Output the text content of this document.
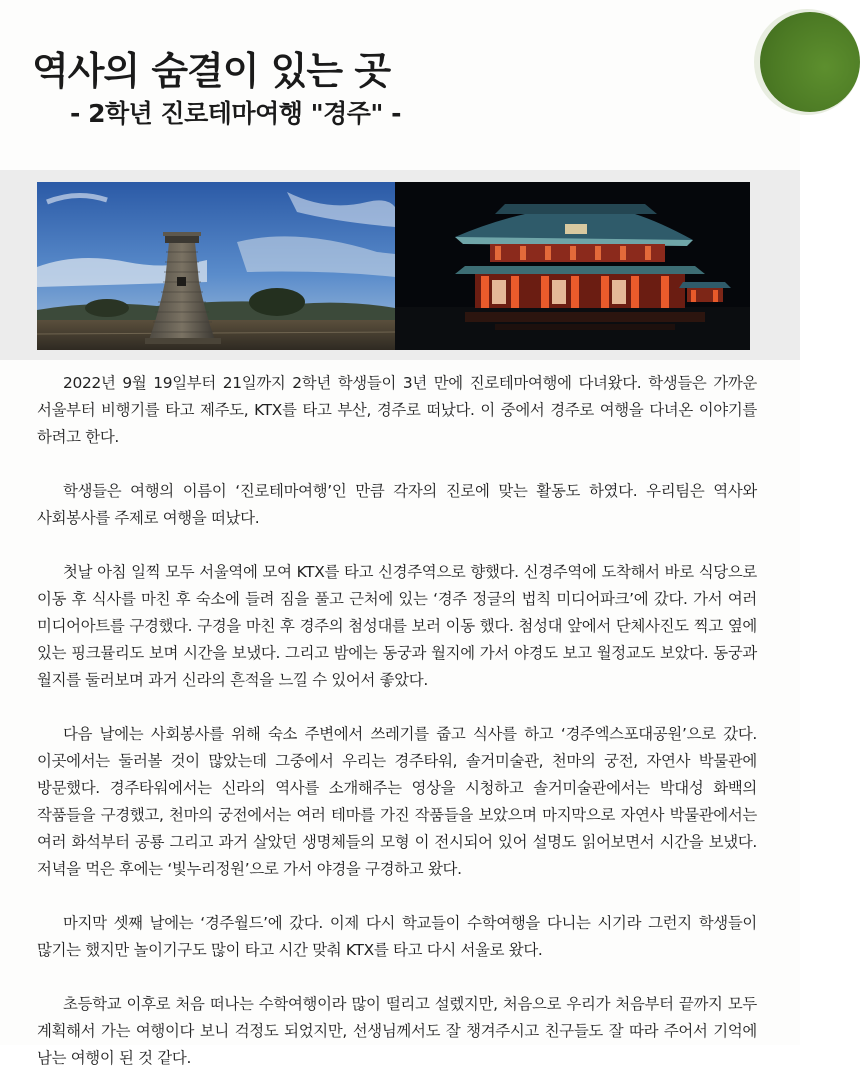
역사의 숨결이 있는 곳
- 2학년 진로테마여행 "경주" -

2022년 9월 19일부터 21일까지 2학년 학생들이 3년 만에 진로테마여행에 다녀왔다. 학생들은 가까운 서울부터 비행기를 타고 제주도, KTX를 타고 부산, 경주로 떠났다. 이 중에서 경주로 여행을 다녀온 이야기를 하려고 한다.

학생들은 여행의 이름이 ‘진로테마여행’인 만큼 각자의 진로에 맞는 활동도 하였다. 우리팀은 역사와 사회봉사를 주제로 여행을 떠났다.

첫날 아침 일찍 모두 서울역에 모여 KTX를 타고 신경주역으로 향했다. 신경주역에 도착해서 바로 식당으로 이동 후 식사를 마친 후 숙소에 들려 짐을 풀고 근처에 있는 ‘경주 정글의 법칙 미디어파크’에 갔다. 가서 여러 미디어아트를 구경했다. 구경을 마친 후 경주의 첨성대를 보러 이동 했다. 첨성대 앞에서 단체사진도 찍고 옆에 있는 핑크뮬리도 보며 시간을 보냈다. 그리고 밤에는 동궁과 월지에 가서 야경도 보고 월정교도 보았다. 동궁과 월지를 둘러보며 과거 신라의 흔적을 느낄 수 있어서 좋았다.

다음 날에는 사회봉사를 위해 숙소 주변에서 쓰레기를 줍고 식사를 하고 ‘경주엑스포대공원’으로 갔다. 이곳에서는 둘러볼 것이 많았는데 그중에서 우리는 경주타워, 솔거미술관, 천마의 궁전, 자연사 박물관에 방문했다. 경주타워에서는 신라의 역사를 소개해주는 영상을 시청하고 솔거미술관에서는 박대성 화백의 작품들을 구경했고, 천마의 궁전에서는 여러 테마를 가진 작품들을 보았으며 마지막으로 자연사 박물관에서는 여러 화석부터 공룡 그리고 과거 살았던 생명체들의 모형 이 전시되어 있어 설명도 읽어보면서 시간을 보냈다. 저녁을 먹은 후에는 ‘빛누리정원’으로 가서 야경을 구경하고 왔다.

마지막 셋째 날에는 ‘경주월드’에 갔다. 이제 다시 학교들이 수학여행을 다니는 시기라 그런지 학생들이 많기는 했지만 놀이기구도 많이 타고 시간 맞춰 KTX를 타고 다시 서울로 왔다.

초등학교 이후로 처음 떠나는 수학여행이라 많이 떨리고 설렜지만, 처음으로 우리가 처음부터 끝까지 모두 계획해서 가는 여행이다 보니 걱정도 되었지만, 선생님께서도 잘 챙겨주시고 친구들도 잘 따라 주어서 기억에 남는 여행이 된 것 같다.
